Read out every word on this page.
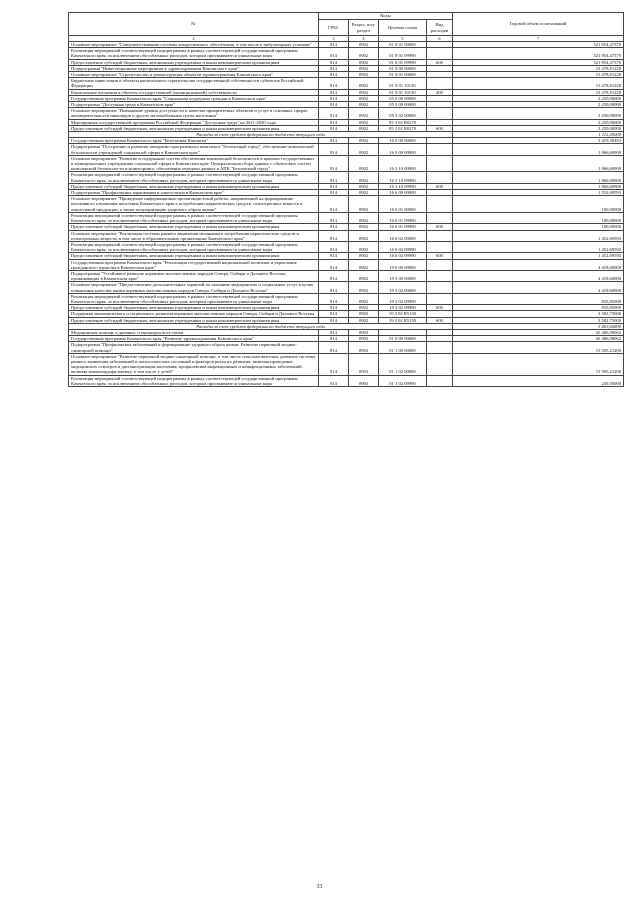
№	Коды				Годовой объем ассигнований
	ГРБС	Раздел, под-раздел	Целевая статья	Вид расходов	
2	3	4	5	6	7
Основное мероприятие "Совершенствование системы лекарственного обеспечения, в том числе в амбулаторных условиях"	814	0902	01 8 01 00000		521 854,47370
Реализация мероприятий соответствующей подпрограммы в рамках соответствующей государственной программы Камчатского края, за исключением обособленных расходов, которым присваиваются уникальные коды	814	0902	01 8 01 09990		521 854,47370
Предоставление субсидий бюджетным, автономным учреждениям и иным некоммерческим организациям	814	0902	01 8 01 09990	600	521 854,47370
Подпрограмма "Инвестиционные мероприятия в здравоохранении Камчатского края"	814	0902	01 9 00 00000		15 478,81228
Основное мероприятие "Строительство и реконструкция объектов здравоохранения Камчатского края"	814	0902	01 9 01 00000		15 478,81228
Бюджетные инвестиции в объекты капитального строительства государственной собственности субъектов Российской Федерации	814	0902	01 9 01 10130		15 478,81228
Капитальные вложения в объекты государственной (муниципальной) собственности	814	0902	01 9 01 10130	400	15 478,81228
Государственная программа Камчатского края "Социальная поддержка граждан в Камчатском крае"	814	0902	05 0 00 00000		2 250,00000
Подпрограмма "Доступная среда в Камчатском крае"	814	0902	05 3 00 00000		2 250,00000
Основное мероприятие "Повышение уровня доступности и качества приоритетных объектов и услуг в основных сферах жизнедеятельности инвалидов и других маломобильных групп населения"	814	0902	05 3 02 00000		2 250,00000
Мероприятия государственной программы Российской Федерации "Доступная среда" на 2011-2020 годы	814	0902	05 3 02 R0270		2 250,00000
Предоставление субсидий бюджетным, автономным учреждениям и иным некоммерческим организациям	814	0902	05 3 02 R0270	600	2 250,00000
Расходы за счет средств федерального бюджета текущего года					1 112,20000
Государственная программа Камчатского края "Безопасная Камчатка"	814	0902	16 0 00 00000		3 419,30493
Подпрограмма "Построение и развитие аппаратно-программного комплекса "Безопасный город", обеспечение комплексной безопасности учреждений социальной сферы в Камчатском крае"	814	0902	16 3 00 00000		1 866,60900
Основное мероприятие "Развитие и содержание систем обеспечения комплексной безопасности в краевых государственных и муниципальных учреждениях социальной сферы в Камчатском крае. Централизация сбора данных с объектовых систем комплексной безопасности и мониторинга, обеспечение передачи данных в АПК "Безопасный город"	814	0902	16 3 10 00000		1 866,60900
Реализация мероприятий соответствующей подпрограммы в рамках соответствующей государственной программы Камчатского края, за исключением обособленных расходов, которым присваиваются уникальные коды	814	0902	16 3 10 09990		1 866,60900
Предоставление субсидий бюджетным, автономным учреждениям и иным некоммерческим организациям	814	0902	16 3 10 09990	600	1 866,60900
Подпрограмма "Профилактика наркомании и алкоголизма в Камчатском крае"	814	0902	16 6 00 00000		1 552,69593
Основное мероприятие "Проведение информационно-пропагандистской работы, направленной на формирование негативного отношения населения Камчатского края к потреблению наркотических средств, психотропных веществ и алкогольной продукции, а также популяризацию здорового образа жизни"	814	0902	16 6 01 00000		100,00000
Реализация мероприятий соответствующей подпрограммы в рамках соответствующей государственной программы Камчатского края, за исключением обособленных расходов, которым присваиваются уникальные коды	814	0902	16 6 01 09990		100,00000
Предоставление субсидий бюджетным, автономным учреждениям и иным некоммерческим организациям	814	0902	16 6 01 09990	600	100,00000
Основное мероприятие "Реализация системы раннего выявления незаконного потребления наркотических средств и психотропных веществ, в том числе в образовательных организациях Камчатского края"	814	0902	16 6 02 00000		1 452,69593
Реализация мероприятий соответствующей подпрограммы в рамках соответствующей государственной программы Камчатского края, за исключением обособленных расходов, которым присваиваются уникальные коды	814	0902	16 6 02 09990		1 452,69593
Предоставление субсидий бюджетным, автономным учреждениям и иным некоммерческим организациям	814	0902	16 6 02 09990	600	1 452,69593
Государственная программа Камчатского края "Реализация государственной национальной политики и укрепление гражданского единства в Камчатском крае"	814	0902	19 0 00 00000		4 418,60000
Подпрограмма "Устойчивое развитие коренных малочисленных народов Севера, Сибири и Дальнего Востока, проживающих в Камчатском крае"	814	0902	19 3 00 00000		4 418,60000
Основное мероприятие "Предоставление дополнительных гарантий по оказанию медицинских и социальных услуг в целях повышения качества жизни коренных малочисленных народов Севера, Сибири и Дальнего Востока"	814	0902	19 3 02 00000		4 418,60000
Реализация мероприятий соответствующей подпрограммы в рамках соответствующей государственной программы Камчатского края, за исключением обособленных расходов, которым присваиваются уникальные коды	814	0902	19 3 02 09990		835,85000
Предоставление субсидий бюджетным, автономным учреждениям и иным некоммерческим организациям	814	0902	19 3 02 09990	600	835,85000
Поддержка экономического и социального развития коренных малочисленных народов Севера, Сибири и Дальнего Востока	814	0902	19 3 02 R5150		3 582,75000
Предоставление субсидий бюджетным, автономным учреждениям и иным некоммерческим организациям	814	0902	19 3 02 R5150	600	3 582,75000
Расходы за счет средств федерального бюджета текущего года					3 403,60800
Медицинская помощь в дневных стационарах всех типов	814	0903			45 486,08062
Государственная программа Камчатского края "Развитие здравоохранения Камчатского края"	814	0903	01 0 00 00000		45 486,08062
Подпрограмма "Профилактика заболеваний и формирование здорового образа жизни. Развитие первичной медико-санитарной помощи"	814	0903	01 1 00 00000		15 505,21200
Основное мероприятие "Развитие первичной медико-санитарной помощи, в том числе сельским жителям, развитие системы раннего выявления заболеваний и патологических состояний и факторов риска их развития, включая проведение медицинских осмотров и диспансеризации населения, профилактика инфекционных и неинфекционных заболеваний, включая иммунопрофилактику, в том числе у детей"	814	0903	01 1 02 00000		15 505,21200
Реализация мероприятий соответствующей подпрограммы в рамках соответствующей государственной программы Камчатского края, за исключением обособленных расходов, которым присваиваются уникальные коды	814	0903	01 1 02 09990		249,50000
33
